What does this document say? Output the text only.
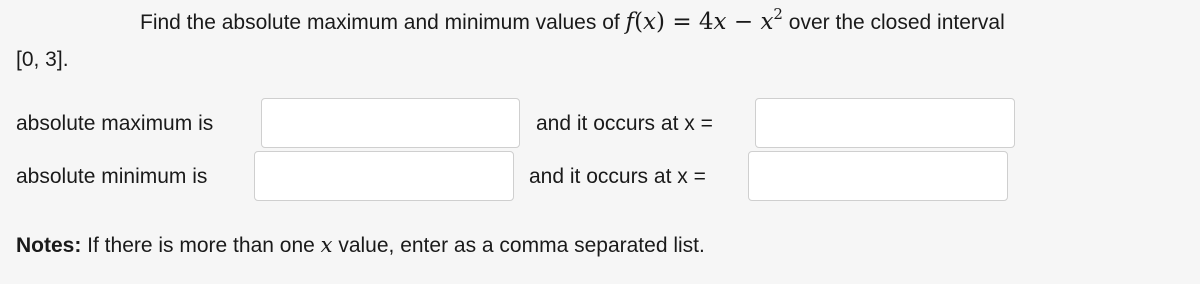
Find the absolute maximum and minimum values of $f(x) = 4x - x^2$ over the closed interval
[0, 3].
absolute maximum is	and it occurs at x =
absolute minimum is	and it occurs at x =
Notes: If there is more than one x value, enter as a comma separated list.
